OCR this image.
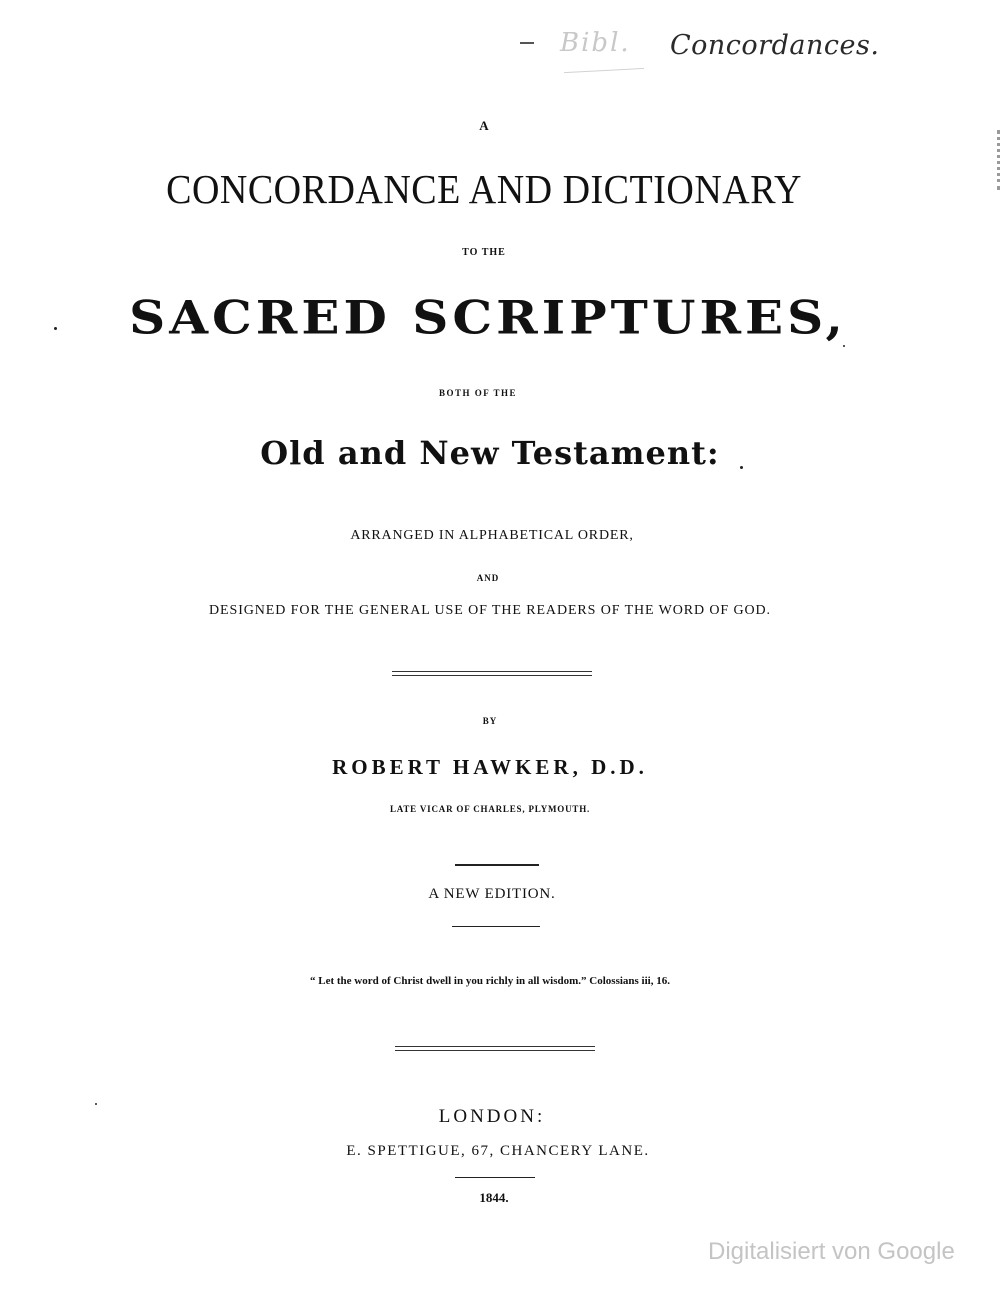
Bibl. Concordances.
A
CONCORDANCE AND DICTIONARY
TO THE
SACRED SCRIPTURES,
BOTH OF THE
Old and New Testament:
ARRANGED IN ALPHABETICAL ORDER,
AND
DESIGNED FOR THE GENERAL USE OF THE READERS OF THE WORD OF GOD.
BY
ROBERT HAWKER, D.D.
LATE VICAR OF CHARLES, PLYMOUTH.
A NEW EDITION.
“ Let the word of Christ dwell in you richly in all wisdom.” Colossians iii, 16.
LONDON:
E. SPETTIGUE, 67, CHANCERY LANE.
1844.
Digitalisiert von Google
